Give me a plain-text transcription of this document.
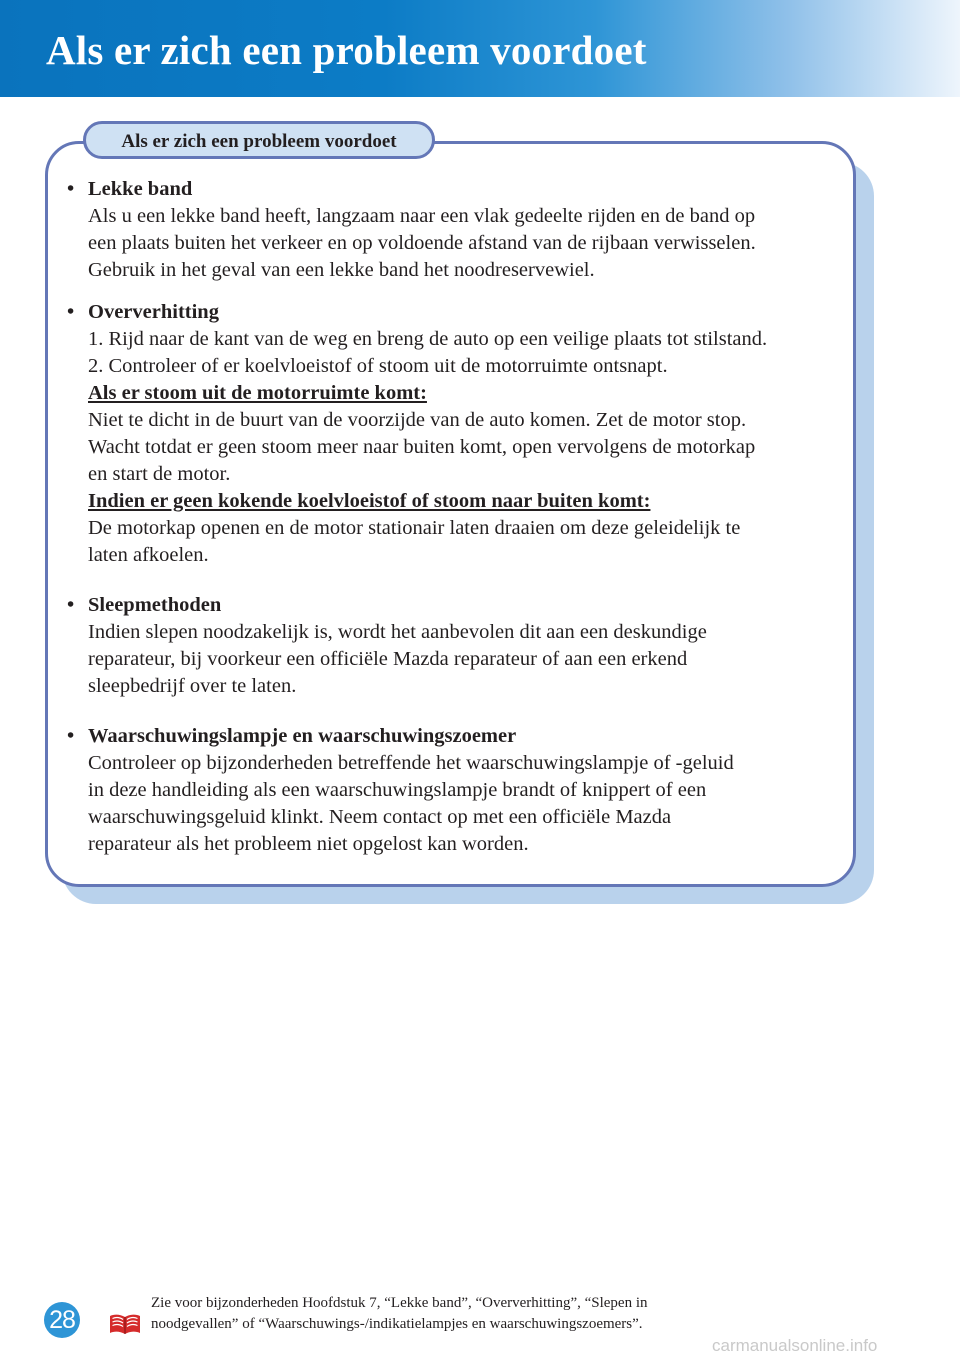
Als er zich een probleem voordoet
Als er zich een probleem voordoet
• Lekke band
Als u een lekke band heeft, langzaam naar een vlak gedeelte rijden en de band op
een plaats buiten het verkeer en op voldoende afstand van de rijbaan verwisselen.
Gebruik in het geval van een lekke band het noodreservewiel.
• Oververhitting
1. Rijd naar de kant van de weg en breng de auto op een veilige plaats tot stilstand.
2. Controleer of er koelvloeistof of stoom uit de motorruimte ontsnapt.
Als er stoom uit de motorruimte komt:
Niet te dicht in de buurt van de voorzijde van de auto komen. Zet de motor stop.
Wacht totdat er geen stoom meer naar buiten komt, open vervolgens de motorkap
en start de motor.
Indien er geen kokende koelvloeistof of stoom naar buiten komt:
De motorkap openen en de motor stationair laten draaien om deze geleidelijk te
laten afkoelen.
• Sleepmethoden
Indien slepen noodzakelijk is, wordt het aanbevolen dit aan een deskundige
reparateur, bij voorkeur een officiële Mazda reparateur of aan een erkend
sleepbedrijf over te laten.
• Waarschuwingslampje en waarschuwingszoemer
Controleer op bijzonderheden betreffende het waarschuwingslampje of -geluid
in deze handleiding als een waarschuwingslampje brandt of knippert of een
waarschuwingsgeluid klinkt. Neem contact op met een officiële Mazda
reparateur als het probleem niet opgelost kan worden.
28
Zie voor bijzonderheden Hoofdstuk 7, “Lekke band”, “Oververhitting”, “Slepen in
noodgevallen” of “Waarschuwings-/indikatielampjes en waarschuwingszoemers”.
carmanualsonline.info
